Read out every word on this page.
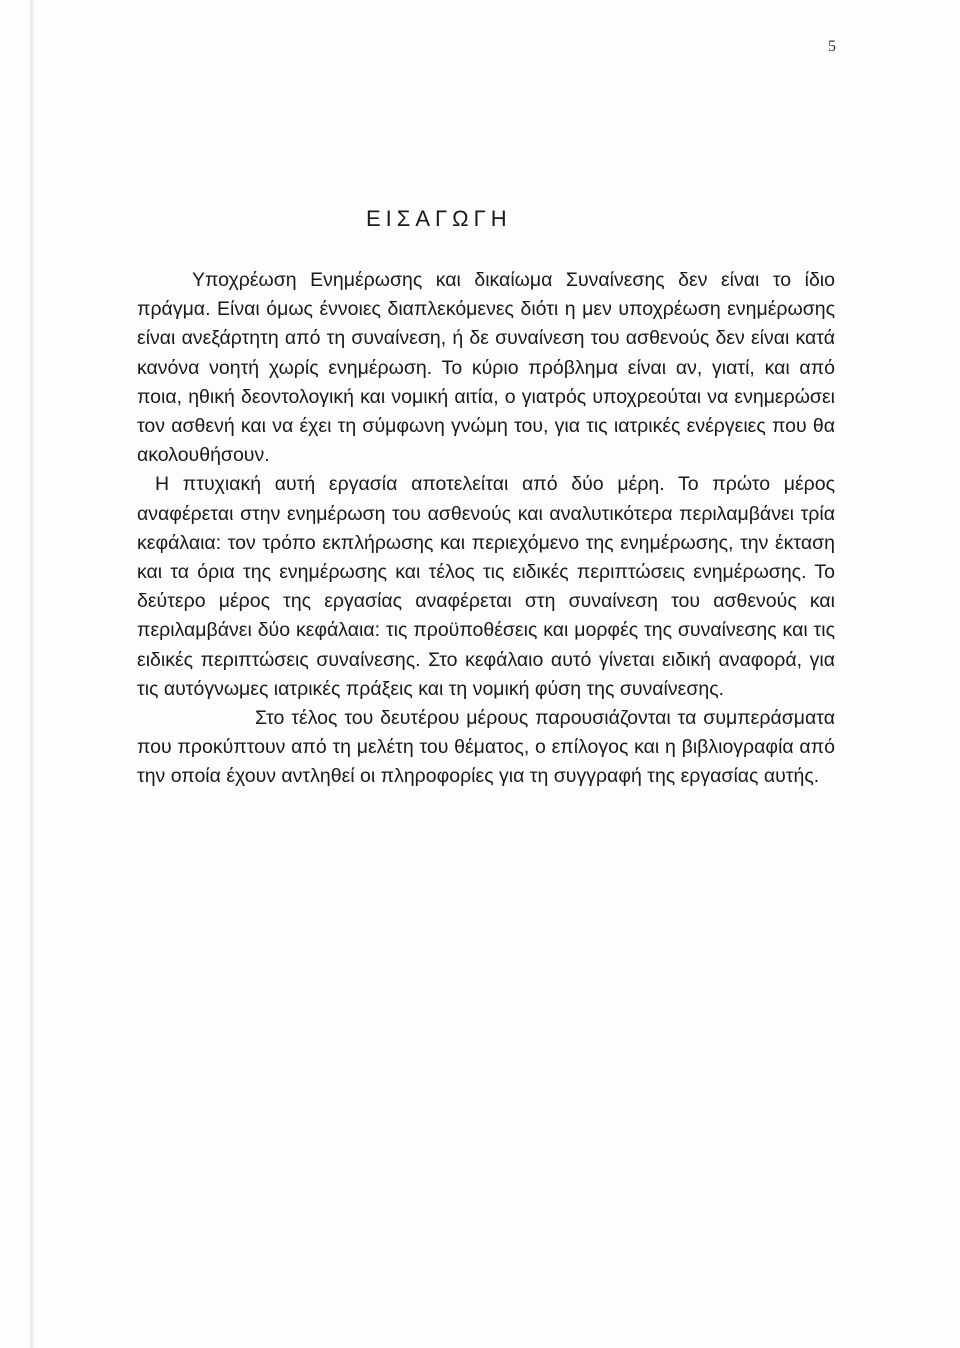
5
ΕΙΣΑΓΩΓΗ

Υποχρέωση Ενημέρωσης και δικαίωμα Συναίνεσης δεν είναι το ίδιο πράγμα. Είναι όμως έννοιες διαπλεκόμενες διότι η μεν υποχρέωση ενημέρωσης είναι ανεξάρτητη από τη συναίνεση, ή δε συναίνεση του ασθενούς δεν είναι κατά κανόνα νοητή χωρίς ενημέρωση. Το κύριο πρόβλημα είναι αν, γιατί, και από ποια, ηθική δεοντολογική και νομική αιτία, ο γιατρός υποχρεούται να ενημερώσει τον ασθενή και να έχει τη σύμφωνη γνώμη του, για τις ιατρικές ενέργειες που θα ακολουθήσουν.

Η πτυχιακή αυτή εργασία αποτελείται από δύο μέρη. Το πρώτο μέρος αναφέρεται στην ενημέρωση του ασθενούς και αναλυτικότερα περιλαμβάνει τρία κεφάλαια: τον τρόπο εκπλήρωσης και περιεχόμενο της ενημέρωσης, την έκταση και τα όρια της ενημέρωσης και τέλος τις ειδικές περιπτώσεις ενημέρωσης. Το δεύτερο μέρος της εργασίας αναφέρεται στη συναίνεση του ασθενούς και περιλαμβάνει δύο κεφάλαια: τις προϋποθέσεις και μορφές της συναίνεσης και τις ειδικές περιπτώσεις συναίνεσης. Στο κεφάλαιο αυτό γίνεται ειδική αναφορά, για τις αυτόγνωμες ιατρικές πράξεις και τη νομική φύση της συναίνεσης.

Στο τέλος του δευτέρου μέρους παρουσιάζονται τα συμπεράσματα που προκύπτουν από τη μελέτη του θέματος, ο επίλογος και η βιβλιογραφία από την οποία έχουν αντληθεί οι πληροφορίες για τη συγγραφή της εργασίας αυτής.
